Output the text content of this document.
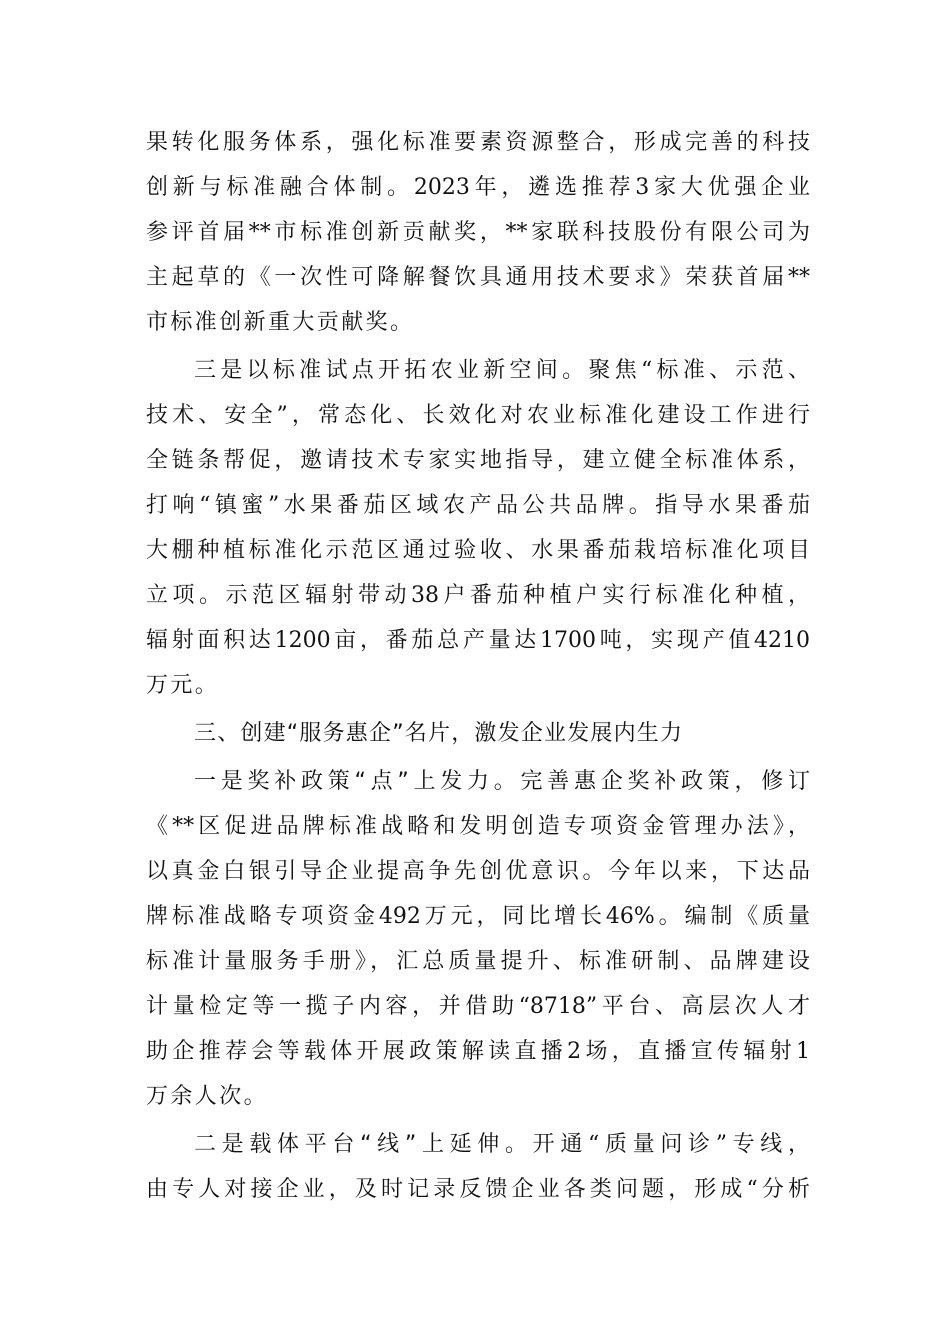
果转化服务体系，强化标准要素资源整合，形成完善的科技
创新与标准融合体制。2023年，遴选推荐3家大优强企业
参评首届**市标准创新贡献奖，**家联科技股份有限公司为
主起草的《一次性可降解餐饮具通用技术要求》荣获首届**
市标准创新重大贡献奖。
三是以标准试点开拓农业新空间。聚焦“标准、示范、
技术、安全”，常态化、长效化对农业标准化建设工作进行
全链条帮促，邀请技术专家实地指导，建立健全标准体系，
打响“镇蜜”水果番茄区域农产品公共品牌。指导水果番茄
大棚种植标准化示范区通过验收、水果番茄栽培标准化项目
立项。示范区辐射带动38户番茄种植户实行标准化种植，
辐射面积达1200亩，番茄总产量达1700吨，实现产值4210
万元。
三、创建“服务惠企”名片，激发企业发展内生力
一是奖补政策“点”上发力。完善惠企奖补政策，修订
《**区促进品牌标准战略和发明创造专项资金管理办法》，
以真金白银引导企业提高争先创优意识。今年以来，下达品
牌标准战略专项资金492万元，同比增长46%。编制《质量
标准计量服务手册》，汇总质量提升、标准研制、品牌建设
计量检定等一揽子内容，并借助“8718”平台、高层次人才
助企推荐会等载体开展政策解读直播2场，直播宣传辐射1
万余人次。
二是载体平台“线”上延伸。开通“质量问诊”专线，
由专人对接企业，及时记录反馈企业各类问题，形成“分析
